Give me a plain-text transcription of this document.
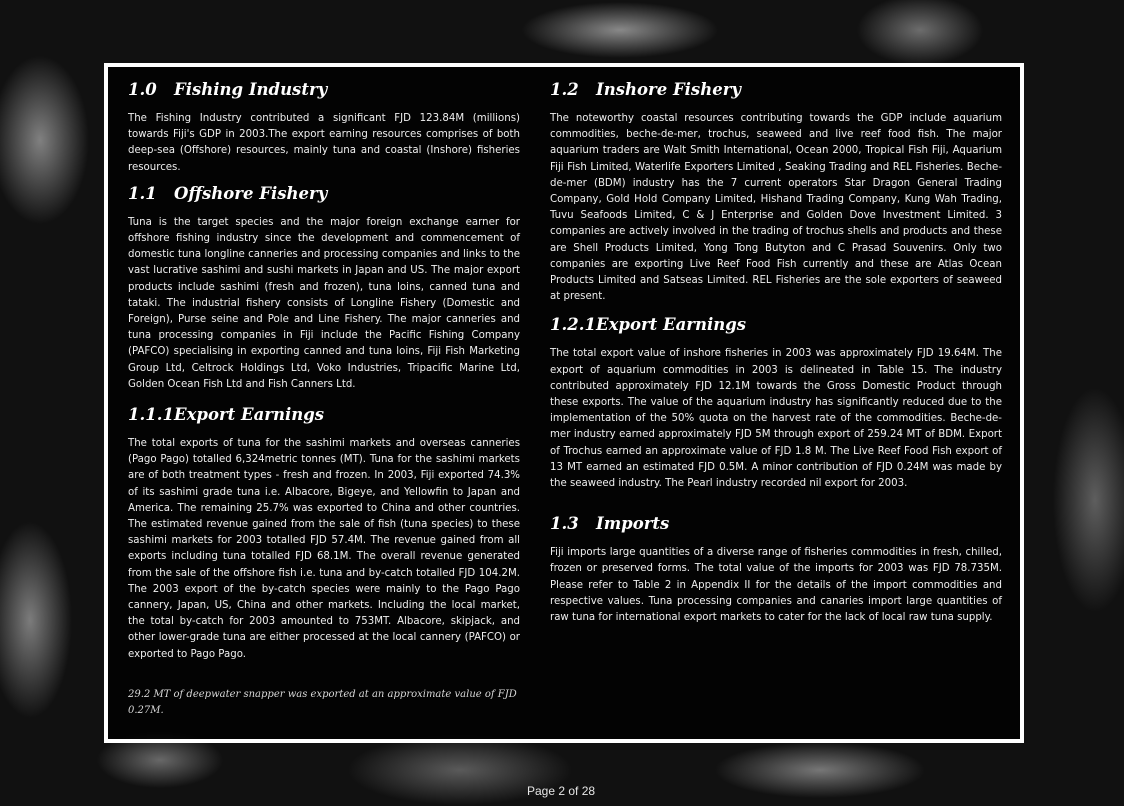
1.0 Fishing Industry

The Fishing Industry contributed a significant FJD 123.84M (millions) towards Fiji's GDP in 2003.The export earning resources comprises of both deep-sea (Offshore) resources, mainly tuna and coastal (Inshore) fisheries resources.

1.1 Offshore Fishery

Tuna is the target species and the major foreign exchange earner for offshore fishing industry since the development and commencement of domestic tuna longline canneries and processing companies and links to the vast lucrative sashimi and sushi markets in Japan and US. The major export products include sashimi (fresh and frozen), tuna loins, canned tuna and tataki. The industrial fishery consists of Longline Fishery (Domestic and Foreign), Purse seine and Pole and Line Fishery. The major canneries and tuna processing companies in Fiji include the Pacific Fishing Company (PAFCO) specialising in exporting canned and tuna loins, Fiji Fish Marketing Group Ltd, Celtrock Holdings Ltd, Voko Industries, Tripacific Marine Ltd, Golden Ocean Fish Ltd and Fish Canners Ltd.

1.1.1Export Earnings

The total exports of tuna for the sashimi markets and overseas canneries (Pago Pago) totalled 6,324metric tonnes (MT). Tuna for the sashimi markets are of both treatment types - fresh and frozen. In 2003, Fiji exported 74.3% of its sashimi grade tuna i.e. Albacore, Bigeye, and Yellowfin to Japan and America. The remaining 25.7% was exported to China and other countries. The estimated revenue gained from the sale of fish (tuna species) to these sashimi markets for 2003 totalled FJD 57.4M. The revenue gained from all exports including tuna totalled FJD 68.1M. The overall revenue generated from the sale of the offshore fish i.e. tuna and by-catch totalled FJD 104.2M. The 2003 export of the by-catch species were mainly to the Pago Pago cannery, Japan, US, China and other markets. Including the local market, the total by-catch for 2003 amounted to 753MT. Albacore, skipjack, and other lower-grade tuna are either processed at the local cannery (PAFCO) or exported to Pago Pago.

29.2 MT of deepwater snapper was exported at an approximate value of FJD 0.27M.

1.2 Inshore Fishery

The noteworthy coastal resources contributing towards the GDP include aquarium commodities, beche-de-mer, trochus, seaweed and live reef food fish. The major aquarium traders are Walt Smith International, Ocean 2000, Tropical Fish Fiji, Aquarium Fiji Fish Limited, Waterlife Exporters Limited , Seaking Trading and REL Fisheries. Beche-de-mer (BDM) industry has the 7 current operators Star Dragon General Trading Company, Gold Hold Company Limited, Hishand Trading Company, Kung Wah Trading, Tuvu Seafoods Limited, C & J Enterprise and Golden Dove Investment Limited. 3 companies are actively involved in the trading of trochus shells and products and these are Shell Products Limited, Yong Tong Butyton and C Prasad Souvenirs. Only two companies are exporting Live Reef Food Fish currently and these are Atlas Ocean Products Limited and Satseas Limited. REL Fisheries are the sole exporters of seaweed at present.

1.2.1Export Earnings

The total export value of inshore fisheries in 2003 was approximately FJD 19.64M. The export of aquarium commodities in 2003 is delineated in Table 15. The industry contributed approximately FJD 12.1M towards the Gross Domestic Product through these exports. The value of the aquarium industry has significantly reduced due to the implementation of the 50% quota on the harvest rate of the commodities. Beche-de-mer industry earned approximately FJD 5M through export of 259.24 MT of BDM. Export of Trochus earned an approximate value of FJD 1.8 M. The Live Reef Food Fish export of 13 MT earned an estimated FJD 0.5M. A minor contribution of FJD 0.24M was made by the seaweed industry. The Pearl industry recorded nil export for 2003.

1.3 Imports

Fiji imports large quantities of a diverse range of fisheries commodities in fresh, chilled, frozen or preserved forms. The total value of the imports for 2003 was FJD 78.735M. Please refer to Table 2 in Appendix II for the details of the import commodities and respective values. Tuna processing companies and canaries import large quantities of raw tuna for international export markets to cater for the lack of local raw tuna supply.

Page 2 of 28
